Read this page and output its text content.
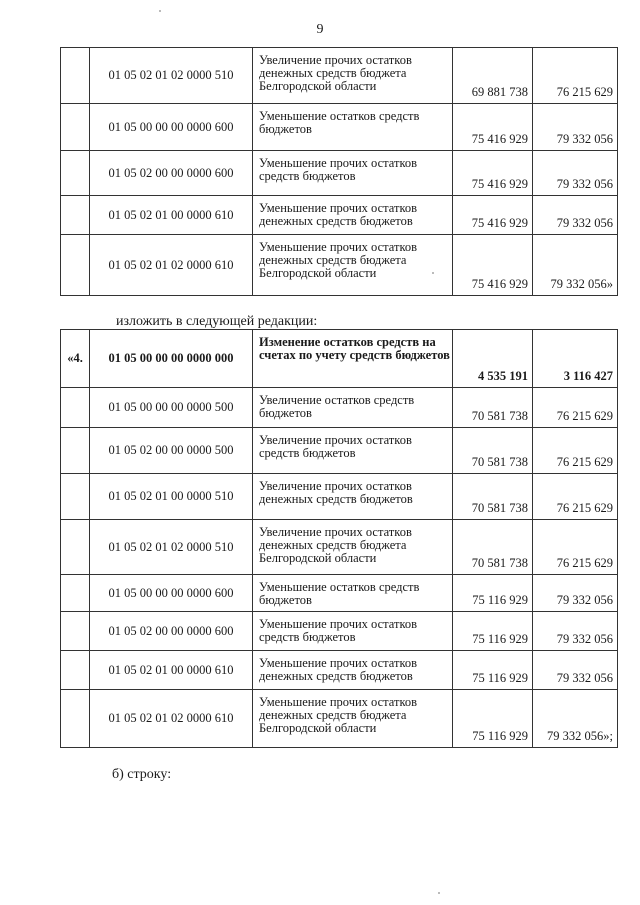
9
	01 05 02 01 02 0000 510	Увеличение прочих остатков денежных средств бюджета Белгородской области	69 881 738	76 215 629
	01 05 00 00 00 0000 600	Уменьшение остатков средств бюджетов	75 416 929	79 332 056
	01 05 02 00 00 0000 600	Уменьшение прочих остатков средств бюджетов	75 416 929	79 332 056
	01 05 02 01 00 0000 610	Уменьшение прочих остатков денежных средств бюджетов	75 416 929	79 332 056
	01 05 02 01 02 0000 610	Уменьшение прочих остатков денежных средств бюджета Белгородской области	75 416 929	79 332 056»
изложить в следующей редакции:
«4.	01 05 00 00 00 0000 000	Изменение остатков средств на счетах по учету средств бюджетов	4 535 191	3 116 427
	01 05 00 00 00 0000 500	Увеличение остатков средств бюджетов	70 581 738	76 215 629
	01 05 02 00 00 0000 500	Увеличение прочих остатков средств бюджетов	70 581 738	76 215 629
	01 05 02 01 00 0000 510	Увеличение прочих остатков денежных средств бюджетов	70 581 738	76 215 629
	01 05 02 01 02 0000 510	Увеличение прочих остатков денежных средств бюджета Белгородской области	70 581 738	76 215 629
	01 05 00 00 00 0000 600	Уменьшение остатков средств бюджетов	75 116 929	79 332 056
	01 05 02 00 00 0000 600	Уменьшение прочих остатков средств бюджетов	75 116 929	79 332 056
	01 05 02 01 00 0000 610	Уменьшение прочих остатков денежных средств бюджетов	75 116 929	79 332 056
	01 05 02 01 02 0000 610	Уменьшение прочих остатков денежных средств бюджета Белгородской области	75 116 929	79 332 056»;
б) строку:
